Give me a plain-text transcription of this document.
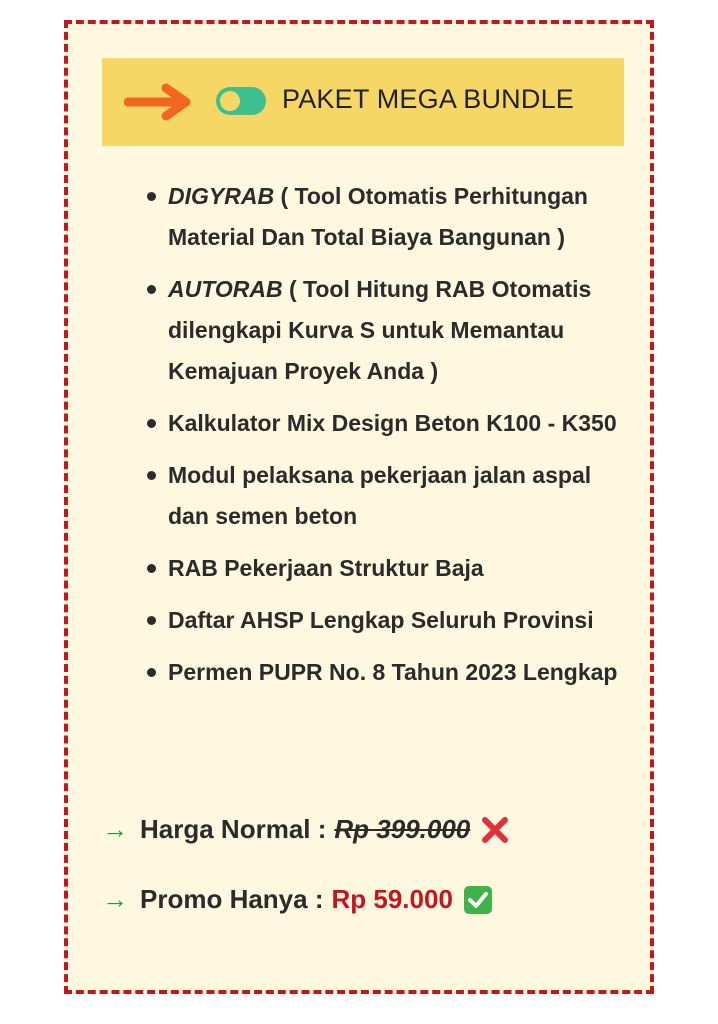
PAKET MEGA BUNDLE
DIGYRAB ( Tool Otomatis Perhitungan Material Dan Total Biaya Bangunan )
AUTORAB ( Tool Hitung RAB Otomatis dilengkapi Kurva S untuk Memantau Kemajuan Proyek Anda )
Kalkulator Mix Design Beton K100 - K350
Modul pelaksana pekerjaan jalan aspal dan semen beton
RAB Pekerjaan Struktur Baja
Daftar AHSP Lengkap Seluruh Provinsi
Permen PUPR No. 8 Tahun 2023 Lengkap
→ Harga Normal : Rp 399.000
→ Promo Hanya : Rp 59.000
